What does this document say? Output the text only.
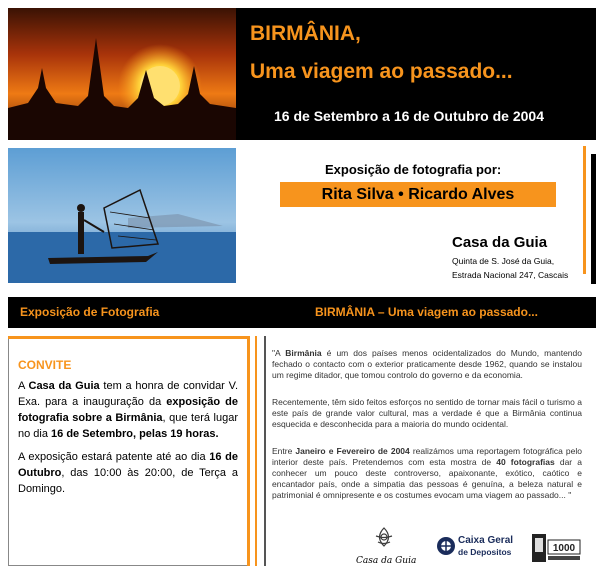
BIRMÂNIA,
Uma viagem ao passado...
16 de Setembro a 16 de Outubro de 2004
Exposição de fotografia por:
Rita Silva • Ricardo Alves
Casa da Guia
Quinta de S. José da Guia,
Estrada Nacional 247, Cascais
Exposição de Fotografia	BIRMÂNIA – Uma viagem ao passado...
CONVITE
A Casa da Guia tem a honra de convidar V. Exa. para a inauguração da exposição de fotografia sobre a Birmânia, que terá lugar no dia 16 de Setembro, pelas 19 horas.
A exposição estará patente até ao dia 16 de Outubro, das 10:00 às 20:00, de Terça a Domingo.
"A Birmânia é um dos países menos ocidentalizados do Mundo, mantendo fechado o contacto com o exterior praticamente desde 1962, quando se instalou um regime ditador, que tomou controlo do governo e da economia.
Recentemente, têm sido feitos esforços no sentido de tornar mais fácil o turismo a este país de grande valor cultural, mas a verdade é que a Birmânia continua esquecida e desconhecida para a maioria do mundo ocidental.
Entre Janeiro e Fevereiro de 2004 realizámos uma reportagem fotográfica pelo interior deste país. Pretendemos com esta mostra de 40 fotografias dar a conhecer um pouco deste controverso, apaixonante, exótico, caótico e encantador país, onde a simpatia das pessoas é genuína, a beleza natural e patrimonial é omnipresente e os costumes evocam uma viagem ao passado... "
Casa da Guia
Caixa Geral
de Depositos	1000
